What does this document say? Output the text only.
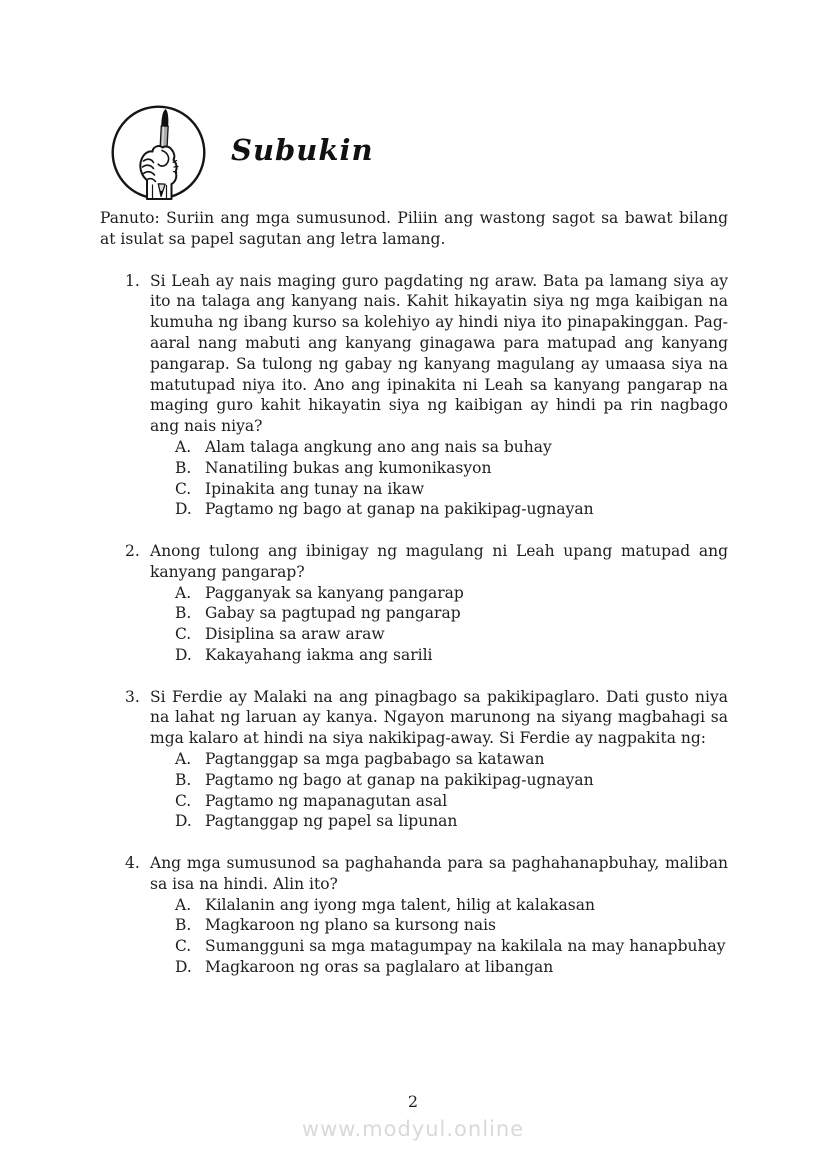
Subukin

Panuto: Suriin ang mga sumusunod. Piliin ang wastong sagot sa bawat bilang at isulat sa papel sagutan ang letra lamang.

1. Si Leah ay nais maging guro pagdating ng araw. Bata pa lamang siya ay ito na talaga ang kanyang nais. Kahit hikayatin siya ng mga kaibigan na kumuha ng ibang kurso sa kolehiyo ay hindi niya ito pinapakinggan. Pag-aaral nang mabuti ang kanyang ginagawa para matupad ang kanyang pangarap. Sa tulong ng gabay ng kanyang magulang ay umaasa siya na matutupad niya ito. Ano ang ipinakita ni Leah sa kanyang pangarap na maging guro kahit hikayatin siya ng kaibigan ay hindi pa rin nagbago ang nais niya?
A. Alam talaga angkung ano ang nais sa buhay
B. Nanatiling bukas ang kumonikasyon
C. Ipinakita ang tunay na ikaw
D. Pagtamo ng bago at ganap na pakikipag-ugnayan
2. Anong tulong ang ibinigay ng magulang ni Leah upang matupad ang kanyang pangarap?
A. Pagganyak sa kanyang pangarap
B. Gabay sa pagtupad ng pangarap
C. Disiplina sa araw araw
D. Kakayahang iakma ang sarili
3. Si Ferdie ay Malaki na ang pinagbago sa pakikipaglaro. Dati gusto niya na lahat ng laruan ay kanya. Ngayon marunong na siyang magbahagi sa mga kalaro at hindi na siya nakikipag-away. Si Ferdie ay nagpakita ng:
A. Pagtanggap sa mga pagbabago sa katawan
B. Pagtamo ng bago at ganap na pakikipag-ugnayan
C. Pagtamo ng mapanagutan asal
D. Pagtanggap ng papel sa lipunan
4. Ang mga sumusunod sa paghahanda para sa paghahanapbuhay, maliban sa isa na hindi. Alin ito?
A. Kilalanin ang iyong mga talent, hilig at kalakasan
B. Magkaroon ng plano sa kursong nais
C. Sumangguni sa mga matagumpay na kakilala na may hanapbuhay
D. Magkaroon ng oras sa paglalaro at libangan
2
www.modyul.online
